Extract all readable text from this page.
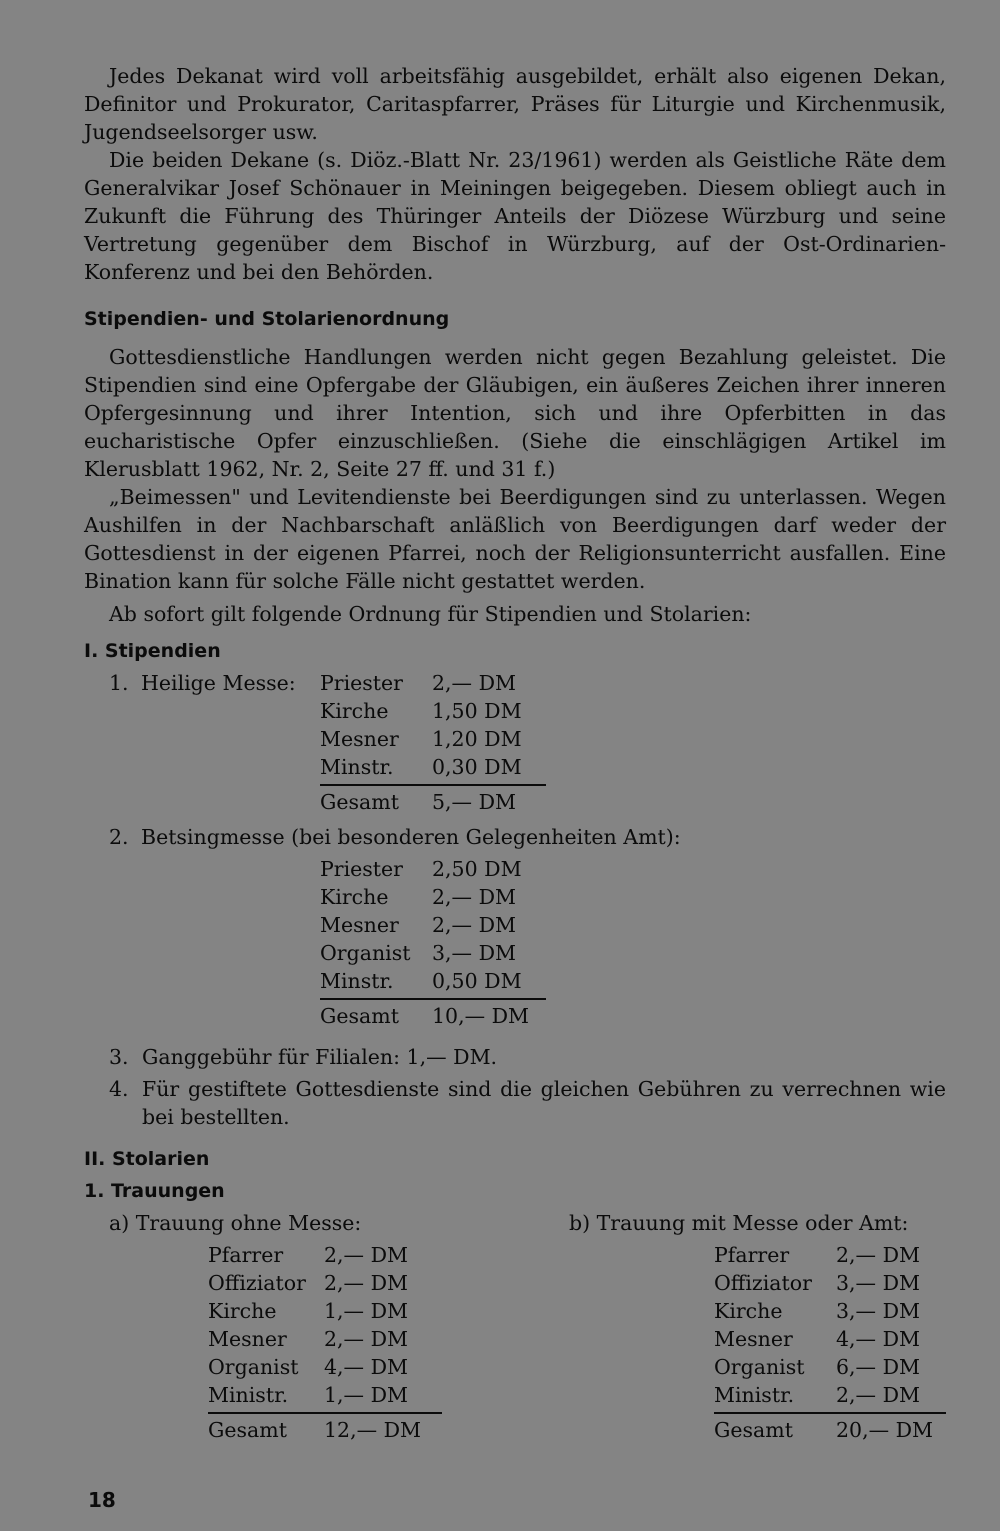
Jedes Dekanat wird voll arbeitsfähig ausgebildet, erhält also eigenen Dekan, Definitor und Prokurator, Caritaspfarrer, Präses für Liturgie und Kirchenmusik, Jugendseelsorger usw.

Die beiden Dekane (s. Diöz.-Blatt Nr. 23/1961) werden als Geistliche Räte dem Generalvikar Josef Schönauer in Meiningen beigegeben. Diesem obliegt auch in Zukunft die Führung des Thüringer Anteils der Diözese Würzburg und seine Vertretung gegenüber dem Bischof in Würzburg, auf der Ost-Ordinarien-Konferenz und bei den Behörden.

Stipendien- und Stolarienordnung

Gottesdienstliche Handlungen werden nicht gegen Bezahlung geleistet. Die Stipendien sind eine Opfergabe der Gläubigen, ein äußeres Zeichen ihrer inneren Opfergesinnung und ihrer Intention, sich und ihre Opferbitten in das eucharistische Opfer einzuschließen. (Siehe die einschlägigen Artikel im Klerusblatt 1962, Nr. 2, Seite 27 ff. und 31 f.)

„Beimessen" und Levitendienste bei Beerdigungen sind zu unterlassen. Wegen Aushilfen in der Nachbarschaft anläßlich von Beerdigungen darf weder der Gottesdienst in der eigenen Pfarrei, noch der Religionsunterricht ausfallen. Eine Bination kann für solche Fälle nicht gestattet werden.

Ab sofort gilt folgende Ordnung für Stipendien und Stolarien:

I. Stipendien
1. Heilige Messe: Priester	2,— DM
Kirche	1,50 DM
Mesner	1,20 DM
Minstr.	0,30 DM
Gesamt	5,— DM
2. Betsingmesse (bei besonderen Gelegenheiten Amt):
Priester	2,50 DM
Kirche	2,— DM
Mesner	2,— DM
Organist	3,— DM
Minstr.	0,50 DM
Gesamt	10,— DM
3. Ganggebühr für Filialen: 1,— DM.
4. Für gestiftete Gottesdienste sind die gleichen Gebühren zu verrechnen wie bei bestellten.
II. Stolarien
1. Trauungen
a) Trauung ohne Messe:	b) Trauung mit Messe oder Amt:
Pfarrer	2,— DM
Offiziator 2,— DM
Kirche	1,— DM
Mesner	2,— DM
Organist	4,— DM
Ministr.	1,— DM
Gesamt	12,— DM
Pfarrer	2,— DM
Offiziator	3,— DM
Kirche	3,— DM
Mesner	4,— DM
Organist	6,— DM
Ministr.	2,— DM
Gesamt	20,— DM
18
